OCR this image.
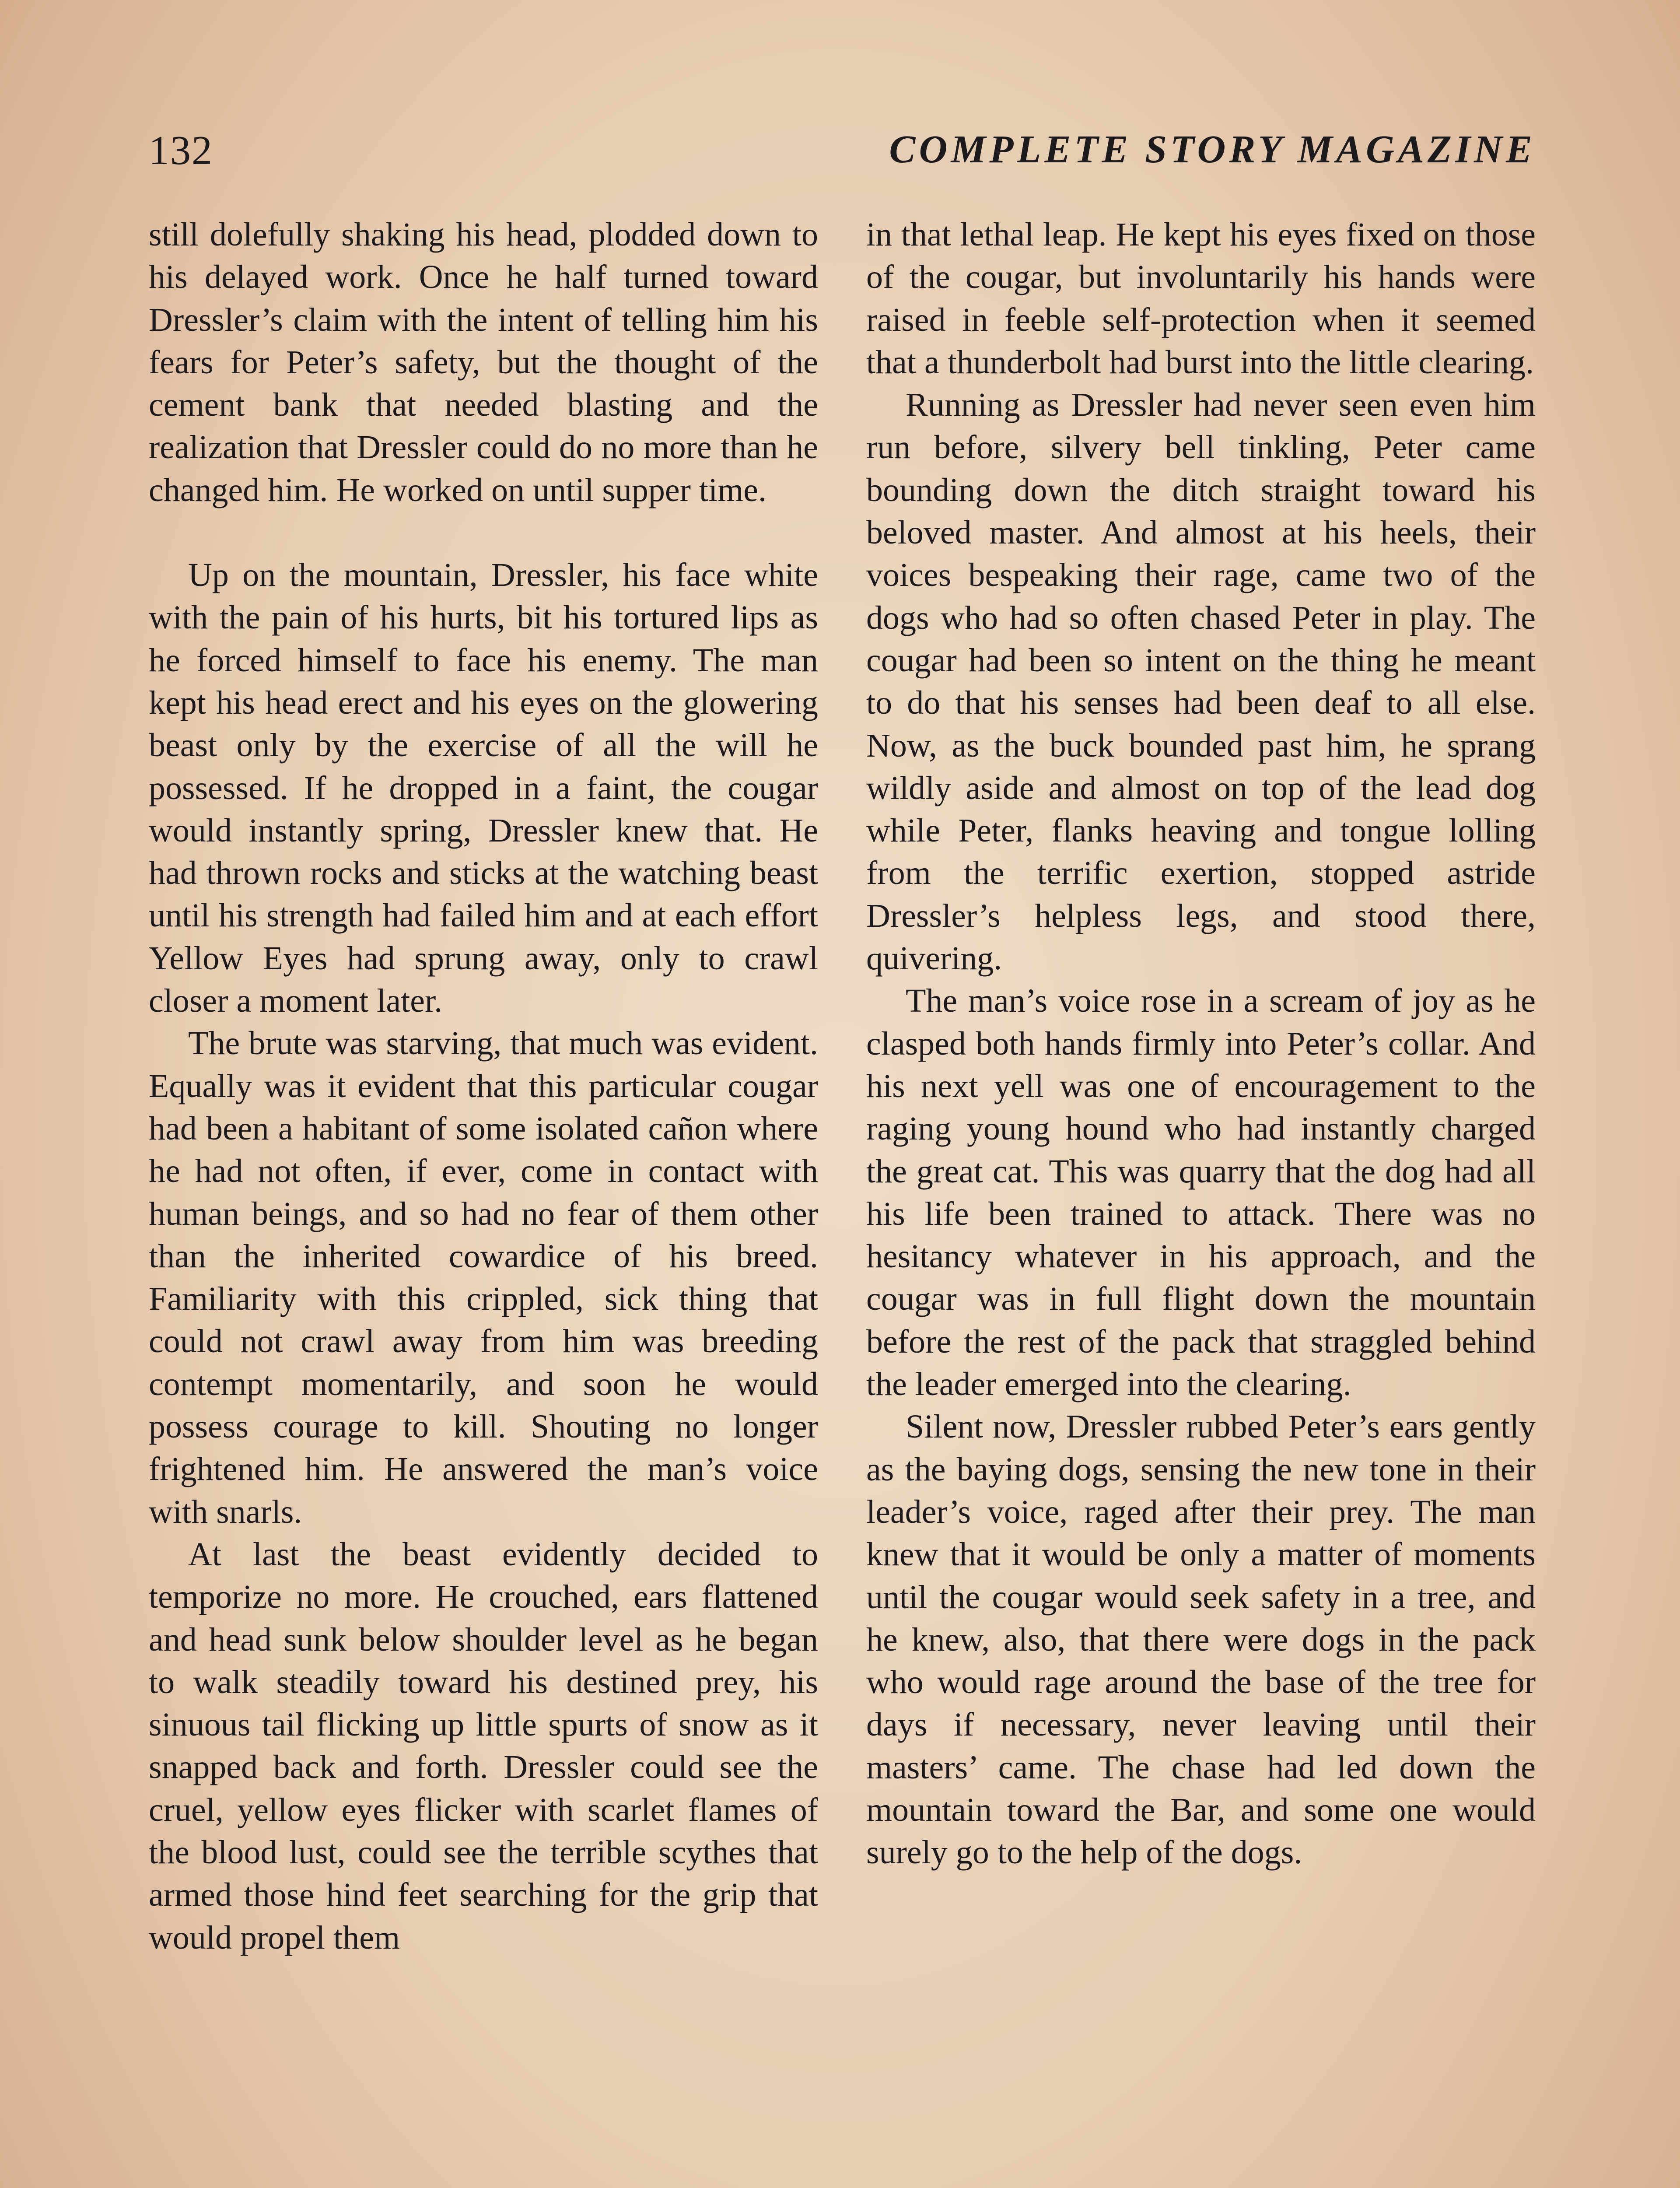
132	COMPLETE STORY MAGAZINE

still dolefully shaking his head, plodded down to his delayed work. Once he half turned toward Dressler’s claim with the intent of telling him his fears for Peter’s safety, but the thought of the cement bank that needed blasting and the realization that Dressler could do no more than he changed him. He worked on until supper time.

Up on the mountain, Dressler, his face white with the pain of his hurts, bit his tortured lips as he forced himself to face his enemy. The man kept his head erect and his eyes on the glowering beast only by the exercise of all the will he possessed. If he dropped in a faint, the cougar would instantly spring, Dressler knew that. He had thrown rocks and sticks at the watching beast until his strength had failed him and at each effort Yellow Eyes had sprung away, only to crawl closer a moment later.

The brute was starving, that much was evident. Equally was it evident that this particular cougar had been a habitant of some isolated cañon where he had not often, if ever, come in contact with human beings, and so had no fear of them other than the inherited cowardice of his breed. Familiarity with this crippled, sick thing that could not crawl away from him was breeding contempt momentarily, and soon he would possess courage to kill. Shouting no longer frightened him. He answered the man’s voice with snarls.

At last the beast evidently decided to temporize no more. He crouched, ears flattened and head sunk below shoulder level as he began to walk steadily toward his destined prey, his sinuous tail flicking up little spurts of snow as it snapped back and forth. Dressler could see the cruel, yellow eyes flicker with scarlet flames of the blood lust, could see the terrible scythes that armed those hind feet searching for the grip that would propel them

in that lethal leap. He kept his eyes fixed on those of the cougar, but involuntarily his hands were raised in feeble self-protection when it seemed that a thunderbolt had burst into the little clearing.

Running as Dressler had never seen even him run before, silvery bell tinkling, Peter came bounding down the ditch straight toward his beloved master. And almost at his heels, their voices bespeaking their rage, came two of the dogs who had so often chased Peter in play. The cougar had been so intent on the thing he meant to do that his senses had been deaf to all else. Now, as the buck bounded past him, he sprang wildly aside and almost on top of the lead dog while Peter, flanks heaving and tongue lolling from the terrific exertion, stopped astride Dressler’s helpless legs, and stood there, quivering.

The man’s voice rose in a scream of joy as he clasped both hands firmly into Peter’s collar. And his next yell was one of encouragement to the raging young hound who had instantly charged the great cat. This was quarry that the dog had all his life been trained to attack. There was no hesitancy whatever in his approach, and the cougar was in full flight down the mountain before the rest of the pack that straggled behind the leader emerged into the clearing.

Silent now, Dressler rubbed Peter’s ears gently as the baying dogs, sensing the new tone in their leader’s voice, raged after their prey. The man knew that it would be only a matter of moments until the cougar would seek safety in a tree, and he knew, also, that there were dogs in the pack who would rage around the base of the tree for days if necessary, never leaving until their masters’ came. The chase had led down the mountain toward the Bar, and some one would surely go to the help of the dogs.
